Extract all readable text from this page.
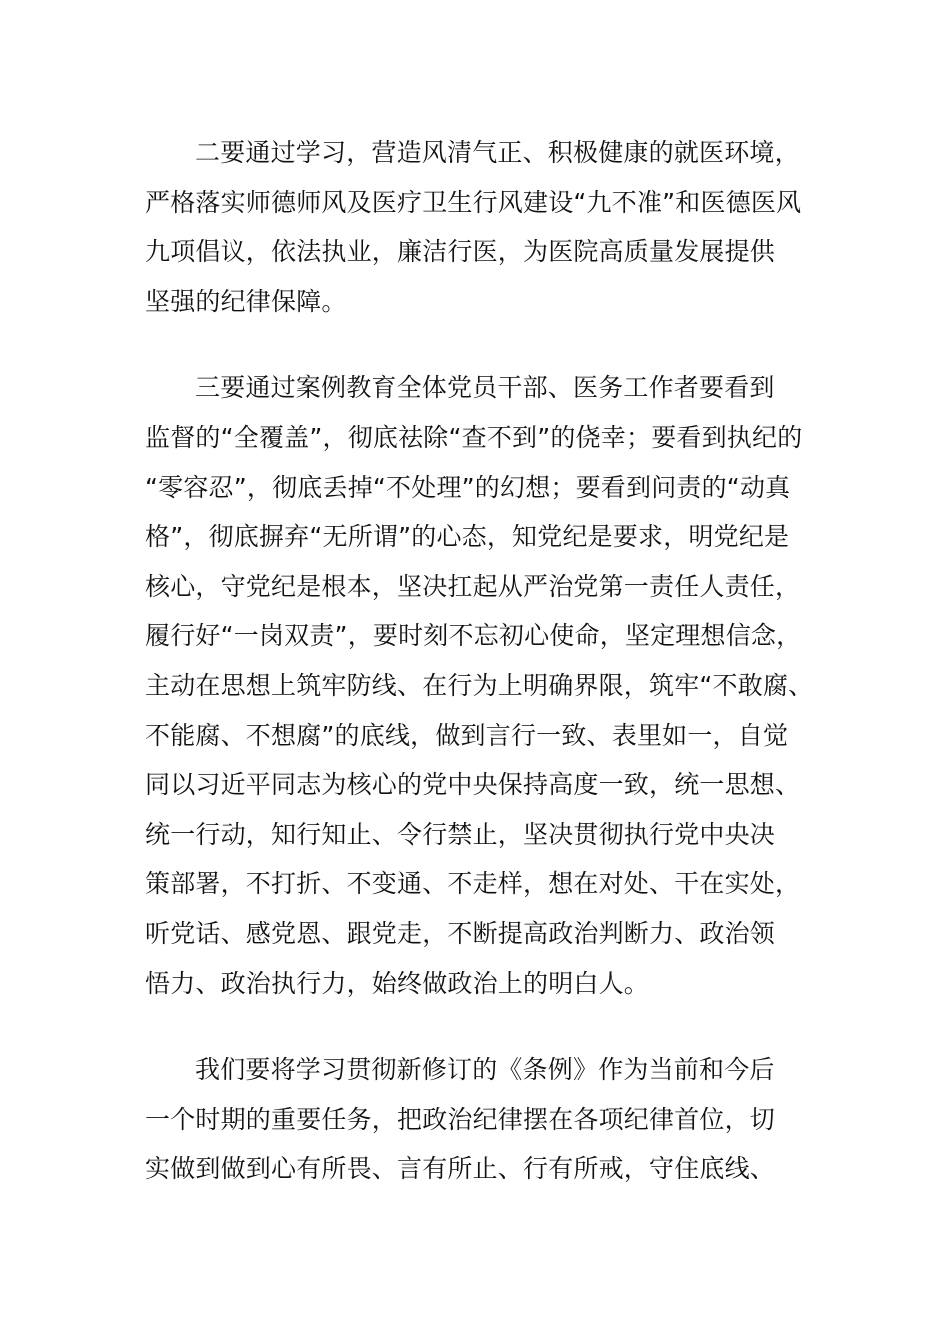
二要通过学习，营造风清气正、积极健康的就医环境，
严格落实师德师风及医疗卫生行风建设“九不准”和医德医风
九项倡议，依法执业，廉洁行医，为医院高质量发展提供
坚强的纪律保障。
三要通过案例教育全体党员干部、医务工作者要看到
监督的“全覆盖”，彻底祛除“查不到”的侥幸；要看到执纪的
“零容忍”，彻底丢掉“不处理”的幻想；要看到问责的“动真
格”，彻底摒弃“无所谓”的心态，知党纪是要求，明党纪是
核心，守党纪是根本，坚决扛起从严治党第一责任人责任，
履行好“一岗双责”，要时刻不忘初心使命，坚定理想信念，
主动在思想上筑牢防线、在行为上明确界限，筑牢“不敢腐、
不能腐、不想腐”的底线，做到言行一致、表里如一，自觉
同以习近平同志为核心的党中央保持高度一致，统一思想、
统一行动，知行知止、令行禁止，坚决贯彻执行党中央决
策部署，不打折、不变通、不走样，想在对处、干在实处，
听党话、感党恩、跟党走，不断提高政治判断力、政治领
悟力、政治执行力，始终做政治上的明白人。
我们要将学习贯彻新修订的《条例》作为当前和今后
一个时期的重要任务，把政治纪律摆在各项纪律首位，切
实做到做到心有所畏、言有所止、行有所戒，守住底线、
